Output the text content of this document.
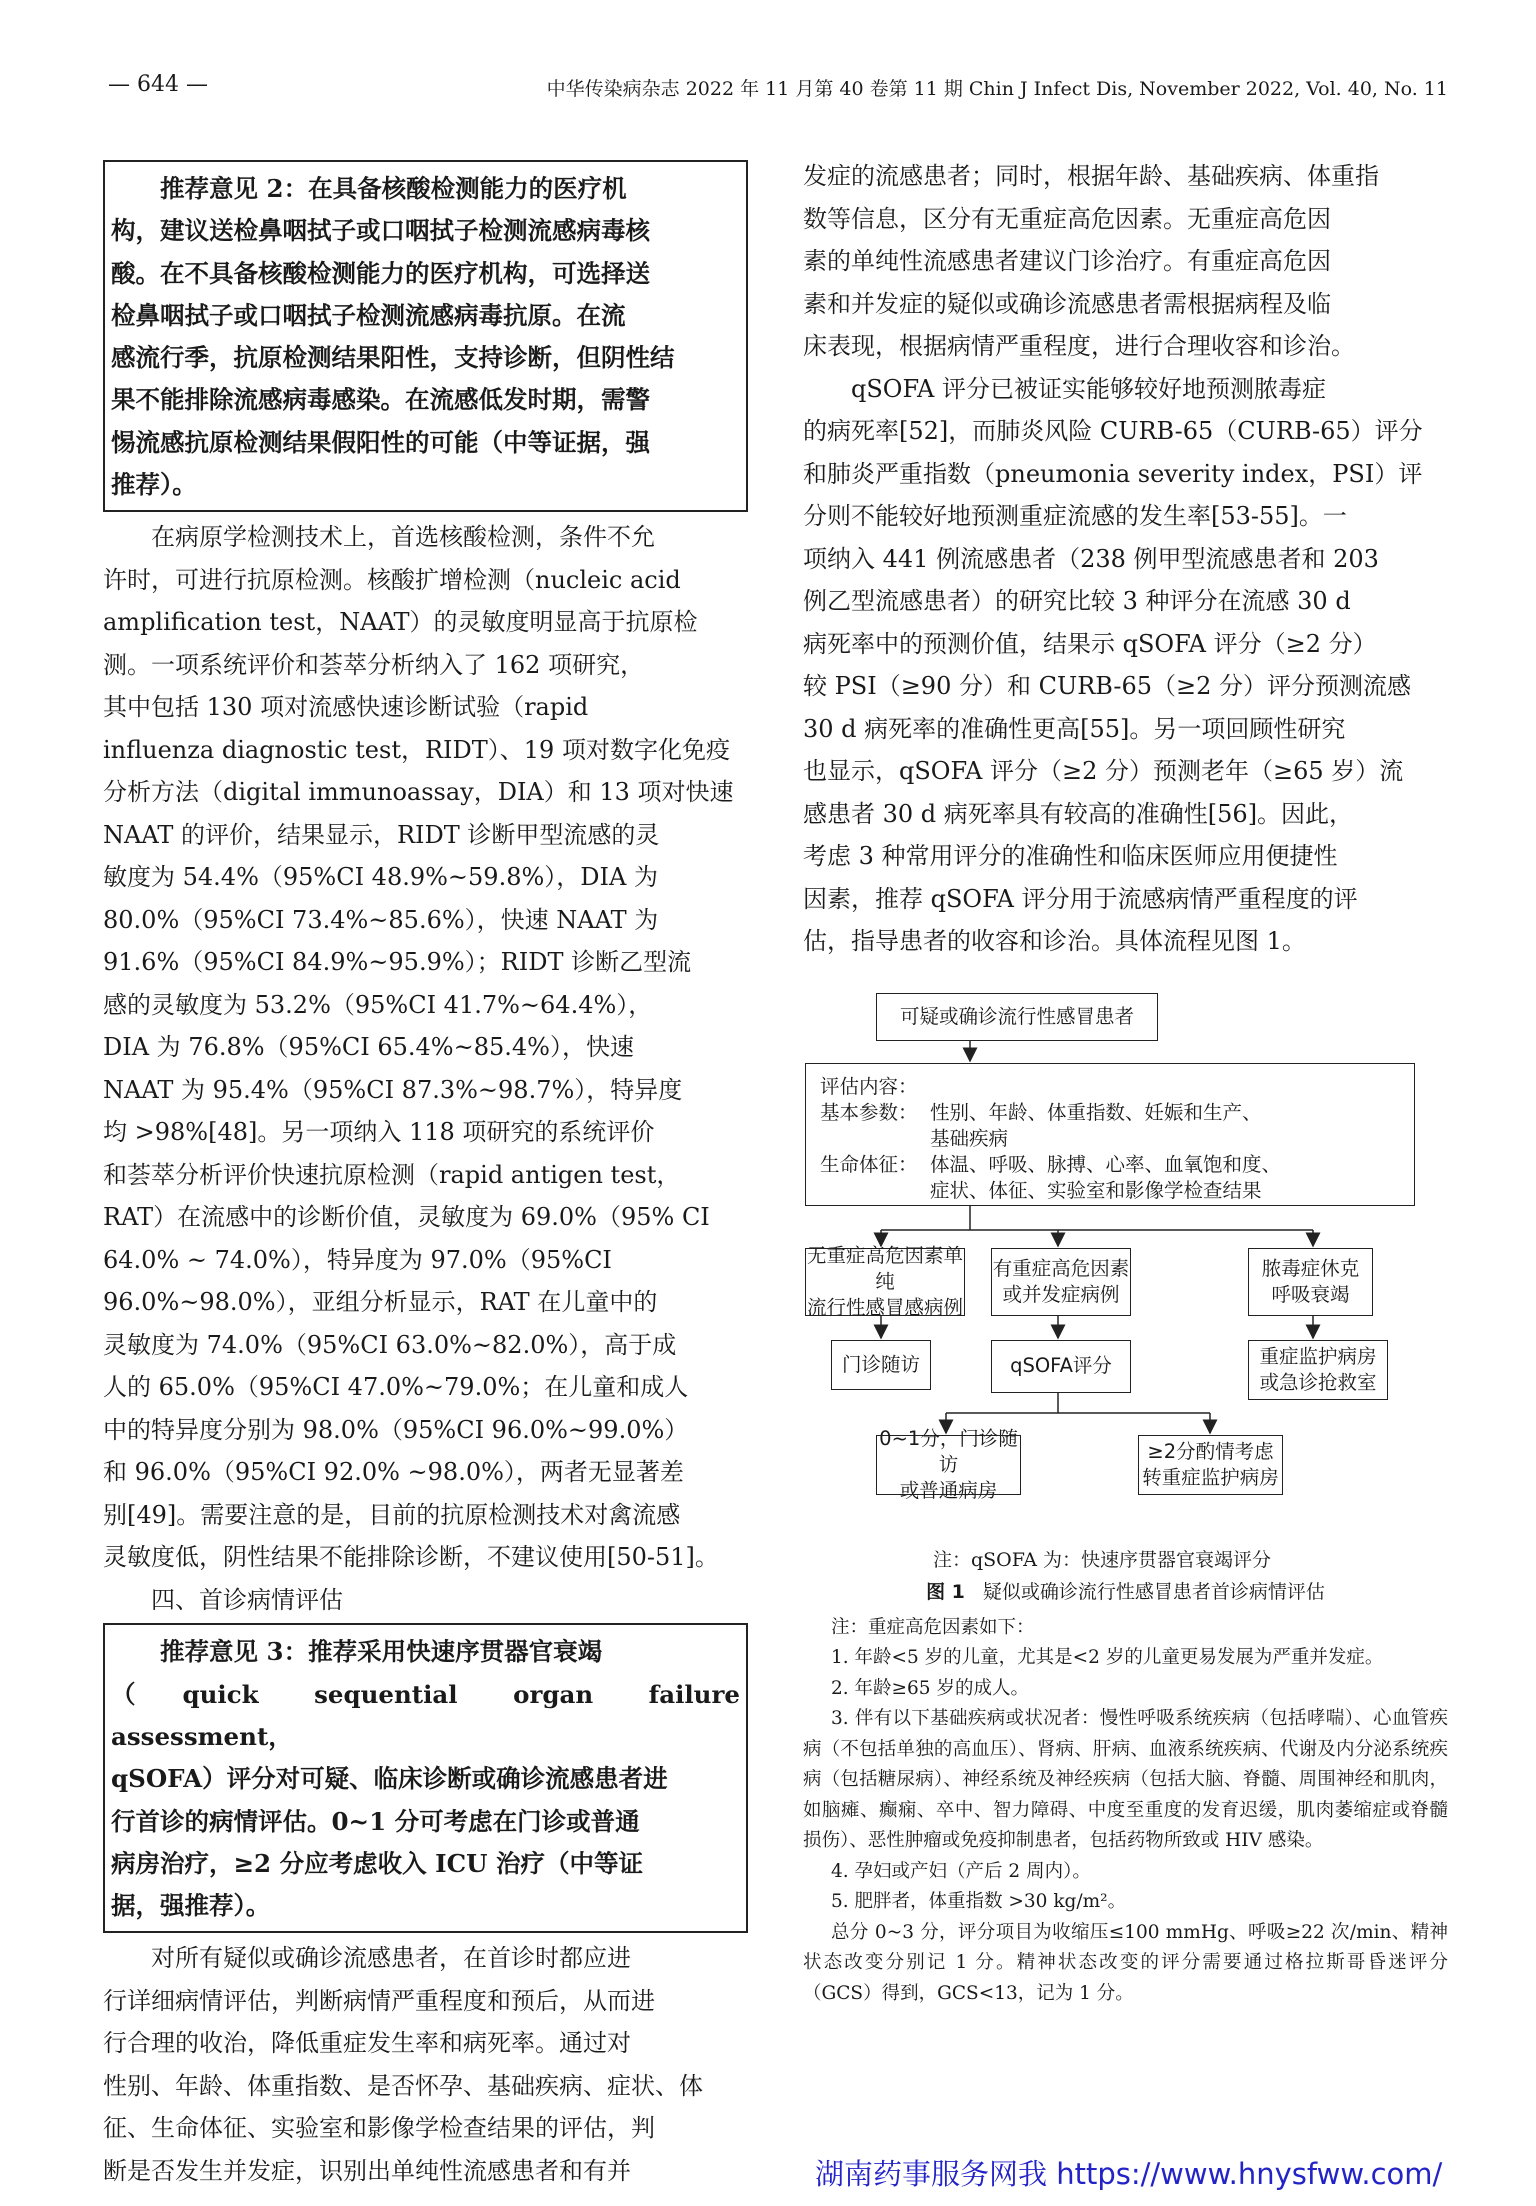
— 644 —	中华传染病杂志 2022 年 11 月第 40 卷第 11 期 Chin J Infect Dis, November 2022, Vol. 40, No. 11

推荐意见 2：在具备核酸检测能力的医疗机
构，建议送检鼻咽拭子或口咽拭子检测流感病毒核
酸。在不具备核酸检测能力的医疗机构，可选择送
检鼻咽拭子或口咽拭子检测流感病毒抗原。在流
感流行季，抗原检测结果阳性，支持诊断，但阴性结
果不能排除流感病毒感染。在流感低发时期，需警
惕流感抗原检测结果假阳性的可能（中等证据，强
推荐）。

在病原学检测技术上，首选核酸检测，条件不允
许时，可进行抗原检测。核酸扩增检测（nucleic acid
amplification test，NAAT）的灵敏度明显高于抗原检
测。一项系统评价和荟萃分析纳入了 162 项研究，
其中包括 130 项对流感快速诊断试验（rapid
influenza diagnostic test，RIDT）、19 项对数字化免疫
分析方法（digital immunoassay，DIA）和 13 项对快速
NAAT 的评价，结果显示，RIDT 诊断甲型流感的灵
敏度为 54.4%（95%CI 48.9%~59.8%），DIA 为
80.0%（95%CI 73.4%~85.6%），快速 NAAT 为
91.6%（95%CI 84.9%~95.9%）；RIDT 诊断乙型流
感的灵敏度为 53.2%（95%CI 41.7%~64.4%），
DIA 为 76.8%（95%CI 65.4%~85.4%），快速
NAAT 为 95.4%（95%CI 87.3%~98.7%），特异度
均 >98%[48]。另一项纳入 118 项研究的系统评价
和荟萃分析评价快速抗原检测（rapid antigen test，
RAT）在流感中的诊断价值，灵敏度为 69.0%（95% CI
64.0% ~ 74.0%），特异度为 97.0%（95%CI
96.0%~98.0%），亚组分析显示，RAT 在儿童中的
灵敏度为 74.0%（95%CI 63.0%~82.0%），高于成
人的 65.0%（95%CI 47.0%~79.0%；在儿童和成人
中的特异度分别为 98.0%（95%CI 96.0%~99.0%）
和 96.0%（95%CI 92.0% ~98.0%），两者无显著差
别[49]。需要注意的是，目前的抗原检测技术对禽流感
灵敏度低，阴性结果不能排除诊断，不建议使用[50-51]。

四、首诊病情评估

推荐意见 3：推荐采用快速序贯器官衰竭
（quick sequential organ failure assessment，
qSOFA）评分对可疑、临床诊断或确诊流感患者进
行首诊的病情评估。0~1 分可考虑在门诊或普通
病房治疗，≥2 分应考虑收入 ICU 治疗（中等证
据，强推荐）。

对所有疑似或确诊流感患者，在首诊时都应进
行详细病情评估，判断病情严重程度和预后，从而进
行合理的收治，降低重症发生率和病死率。通过对
性别、年龄、体重指数、是否怀孕、基础疾病、症状、体
征、生命体征、实验室和影像学检查结果的评估，判
断是否发生并发症，识别出单纯性流感患者和有并

发症的流感患者；同时，根据年龄、基础疾病、体重指
数等信息，区分有无重症高危因素。无重症高危因
素的单纯性流感患者建议门诊治疗。有重症高危因
素和并发症的疑似或确诊流感患者需根据病程及临
床表现，根据病情严重程度，进行合理收容和诊治。

qSOFA 评分已被证实能够较好地预测脓毒症
的病死率[52]，而肺炎风险 CURB-65（CURB-65）评分
和肺炎严重指数（pneumonia severity index，PSI）评
分则不能较好地预测重症流感的发生率[53-55]。一
项纳入 441 例流感患者（238 例甲型流感患者和 203
例乙型流感患者）的研究比较 3 种评分在流感 30 d
病死率中的预测价值，结果示 qSOFA 评分（≥2 分）
较 PSI（≥90 分）和 CURB-65（≥2 分）评分预测流感
30 d 病死率的准确性更高[55]。另一项回顾性研究
也显示，qSOFA 评分（≥2 分）预测老年（≥65 岁）流
感患者 30 d 病死率具有较高的准确性[56]。因此，
考虑 3 种常用评分的准确性和临床医师应用便捷性
因素，推荐 qSOFA 评分用于流感病情严重程度的评
估，指导患者的收容和诊治。具体流程见图 1。

可疑或确诊流行性感冒患者
评估内容：
基本参数： 性别、年龄、体重指数、妊娠和生产、
基础疾病
生命体征： 体温、呼吸、脉搏、心率、血氧饱和度、
症状、体征、实验室和影像学检查结果
无重症高危因素单纯
流行性感冒感病例
有重症高危因素
或并发症病例
脓毒症休克
呼吸衰竭
门诊随访	qSOFA评分	重症监护病房
或急诊抢救室
0~1分，门诊随访
或普通病房
≥2分酌情考虑
转重症监护病房

注：qSOFA 为：快速序贯器官衰竭评分

图 1 疑似或确诊流行性感冒患者首诊病情评估

注：重症高危因素如下：

1. 年龄<5 岁的儿童，尤其是<2 岁的儿童更易发展为严重并发症。

2. 年龄≥65 岁的成人。

3. 伴有以下基础疾病或状况者：慢性呼吸系统疾病（包括哮喘）、心血管疾病（不包括单独的高血压）、肾病、肝病、血液系统疾病、代谢及内分泌系统疾病（包括糖尿病）、神经系统及神经疾病（包括大脑、脊髓、周围神经和肌肉，如脑瘫、癫痫、卒中、智力障碍、中度至重度的发育迟缓，肌肉萎缩症或脊髓损伤）、恶性肿瘤或免疫抑制患者，包括药物所致或 HIV 感染。

4. 孕妇或产妇（产后 2 周内）。

5. 肥胖者，体重指数 >30 kg/m²。

总分 0~3 分，评分项目为收缩压≤100 mmHg、呼吸≥22 次/min、精神状态改变分别记 1 分。精神状态改变的评分需要通过格拉斯哥昏迷评分（GCS）得到，GCS<13，记为 1 分。

湖南药事服务网我 https://www.hnysfww.com/
